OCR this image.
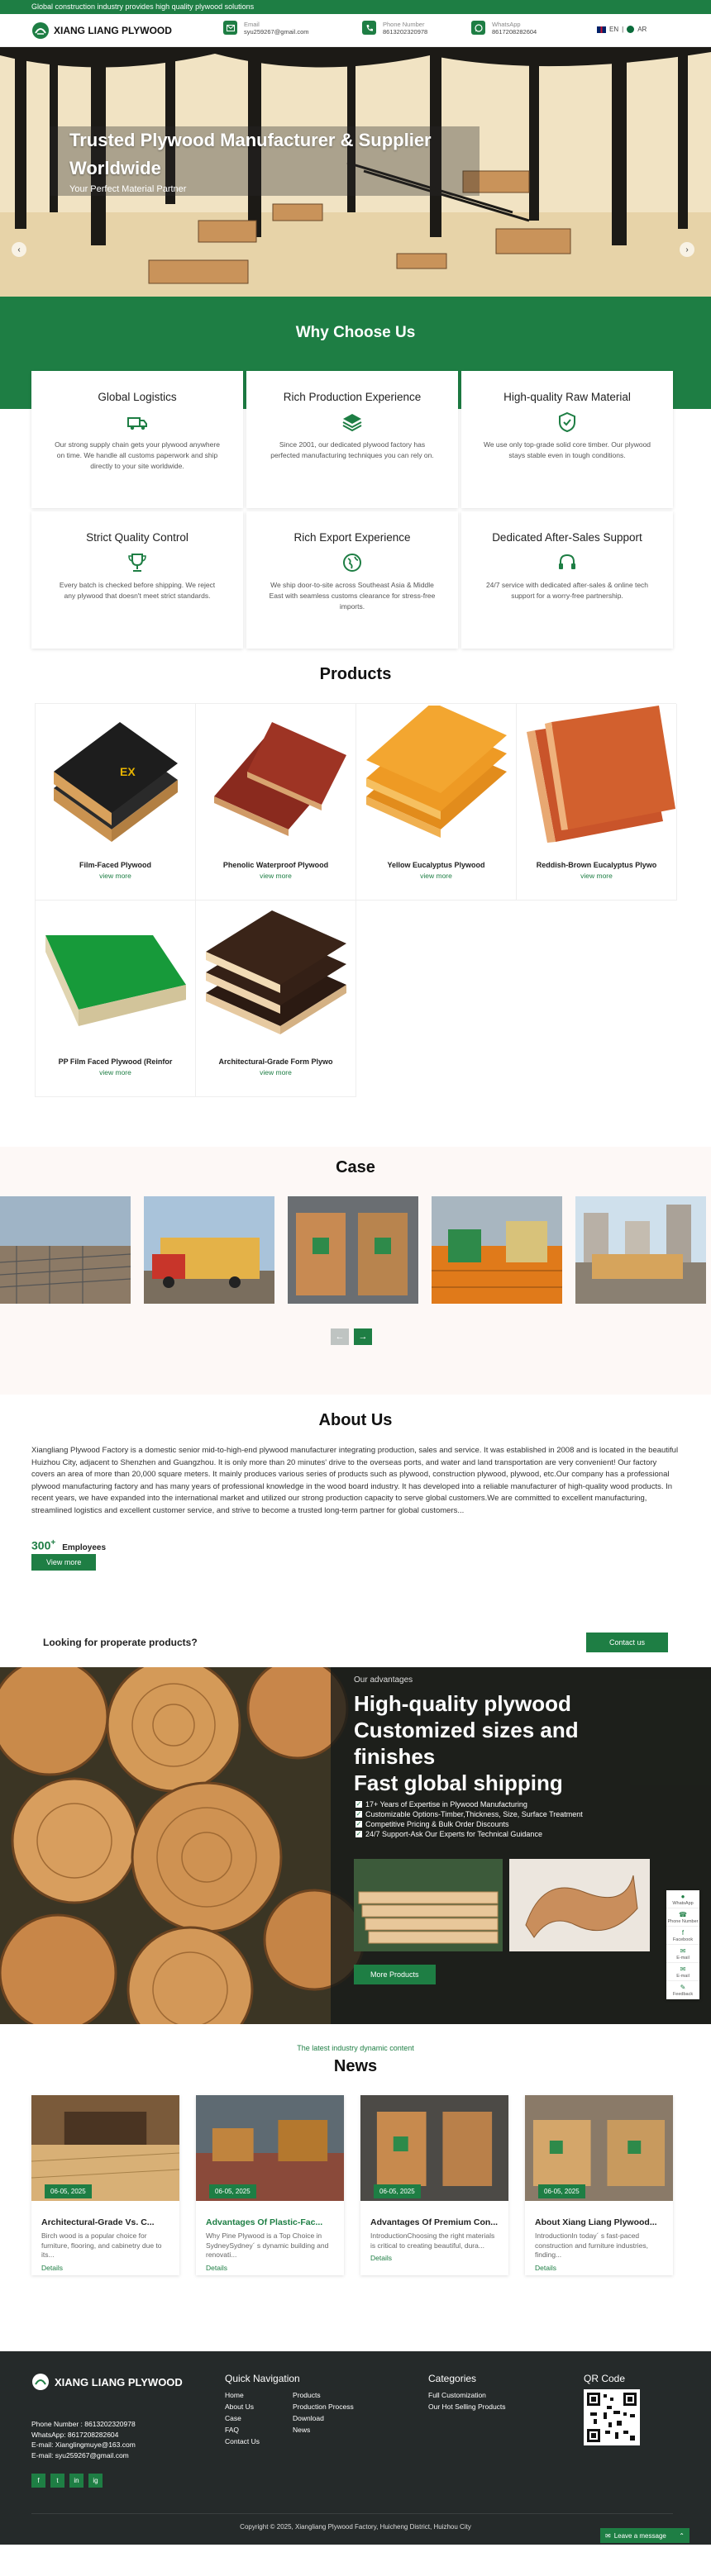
Global construction industry provides high quality plywood solutions
XIANG LIANG PLYWOOD	Email
syu259267@gmail.com
Phone Number
8613202320978
WhatsApp
8617208282604	EN | AR
Trusted Plywood Manufacturer & Supplier Worldwide
Your Perfect Material Partner
‹	›
Why Choose Us
Global Logistics

Our strong supply chain gets your plywood anywhere on time. We handle all customs paperwork and ship directly to your site worldwide.

Rich Production Experience

Since 2001, our dedicated plywood factory has perfected manufacturing techniques you can rely on.

High-quality Raw Material

We use only top-grade solid core timber. Our plywood stays stable even in tough conditions.

Strict Quality Control

Every batch is checked before shipping. We reject any plywood that doesn't meet strict standards.

Rich Export Experience

We ship door-to-site across Southeast Asia & Middle East with seamless customs clearance for stress-free imports.

Dedicated After-Sales Support

24/7 service with dedicated after-sales & online tech support for a worry-free partnership.

Products
EX
Film-Faced Plywood
view more
Phenolic Waterproof Plywood
view more
Yellow Eucalyptus Plywood
view more
Reddish-Brown Eucalyptus Plywo
view more
PP Film Faced Plywood (Reinfor
view more
Architectural-Grade Form Plywo
view more
Case
← →
About Us

Xiangliang Plywood Factory is a domestic senior mid-to-high-end plywood manufacturer integrating production, sales and service. It was established in 2008 and is located in the beautiful Huizhou City, adjacent to Shenzhen and Guangzhou. It is only more than 20 minutes' drive to the overseas ports, and water and land transportation are very convenient! Our factory covers an area of more than 20,000 square meters. It mainly produces various series of products such as plywood, construction plywood, plywood, etc.Our company has a professional plywood manufacturing factory and has many years of professional knowledge in the wood board industry. It has developed into a reliable manufacturer of high-quality wood products. In recent years, we have expanded into the international market and utilized our strong production capacity to serve global customers.We are committed to excellent manufacturing, streamlined logistics and excellent customer service, and strive to become a trusted long-term partner for global customers...

300+
Employees
View more
Looking for properate products?	Contact us
Our advantages
High-quality plywood
Customized sizes and
finishes
Fast global shipping
✓ 17+ Years of Expertise in Plywood Manufacturing
✓ Customizable Options-Timber,Thickness, Size, Surface Treatment
✓ Competitive Pricing & Bulk Order Discounts
✓ 24/7 Support-Ask Our Experts for Technical Guidance
More Products
●
WhatsApp
☎
Phone Number
f
Facebook
✉
E-mail
✉
E-mail
✎
Feedback
The latest industry dynamic content
News
06-05, 2025
Architectural-Grade Vs. C...

Birch wood is a popular choice for furniture, flooring, and cabinetry due to its...

Details
06-05, 2025
Advantages Of Plastic-Fac...

Why Pine Plywood is a Top Choice in SydneySydney´ s dynamic building and renovati...

Details
06-05, 2025
Advantages Of Premium Con...

IntroductionChoosing the right materials is critical to creating beautiful, dura...

Details
06-05, 2025
About Xiang Liang Plywood...

IntroductionIn today´ s fast-paced construction and furniture industries, finding...

Details
XIANG LIANG PLYWOOD
Phone Number : 8613202320978
WhatsApp: 8617208282604
E-mail: Xianglingmuye@163.com
E-mail: syu259267@gmail.com
f	t	in	ig
Quick Navigation
Home
About Us
Case
FAQ
Contact Us
Products
Production Process
Download
News
Categories
Full Customization
Our Hot Selling Products
QR Code
Copyright © 2025, Xiangliang Plywood Factory, Huicheng District, Huizhou City
✉ Leave a message ⌃
